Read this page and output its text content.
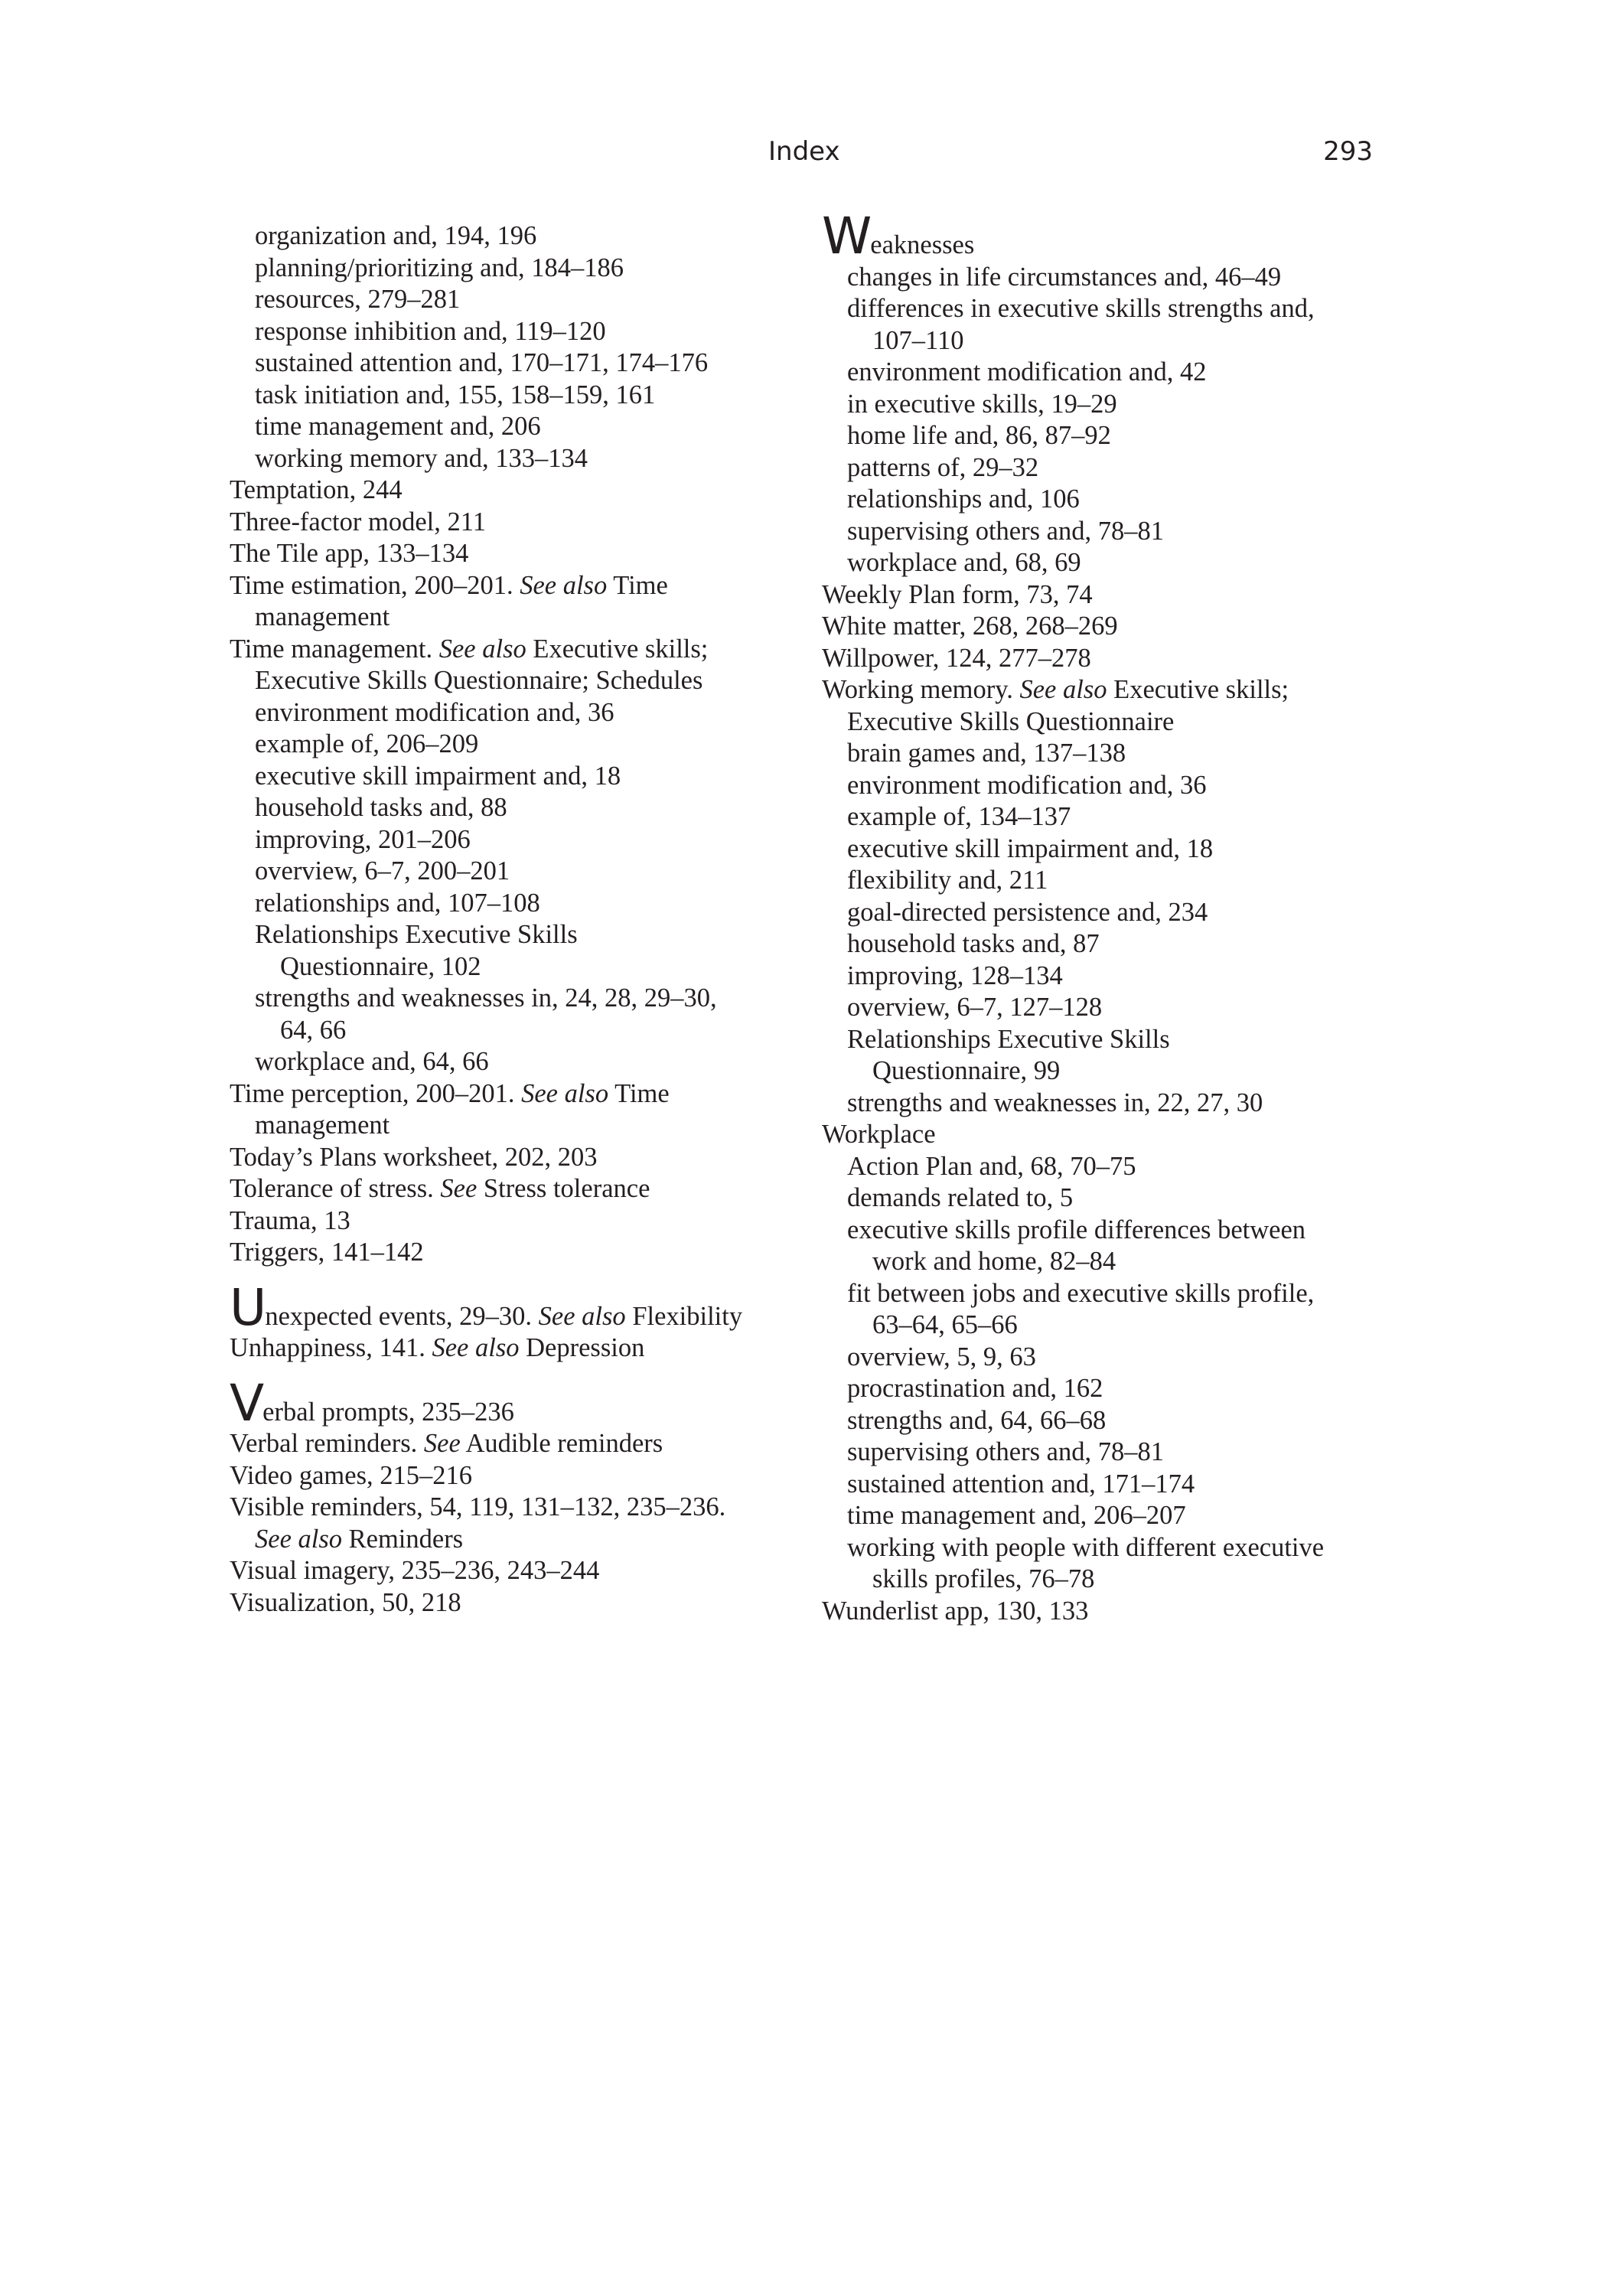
Index	293
organization and, 194, 196
planning/prioritizing and, 184–186
resources, 279–281
response inhibition and, 119–120
sustained attention and, 170–171, 174–176
task initiation and, 155, 158–159, 161
time management and, 206
working memory and, 133–134
Temptation, 244
Three-factor model, 211
The Tile app, 133–134
Time estimation, 200–201. See also Time
management
Time management. See also Executive skills;
Executive Skills Questionnaire; Schedules
environment modification and, 36
example of, 206–209
executive skill impairment and, 18
household tasks and, 88
improving, 201–206
overview, 6–7, 200–201
relationships and, 107–108
Relationships Executive Skills
Questionnaire, 102
strengths and weaknesses in, 24, 28, 29–30,
64, 66
workplace and, 64, 66
Time perception, 200–201. See also Time
management
Today’s Plans worksheet, 202, 203
Tolerance of stress. See Stress tolerance
Trauma, 13
Triggers, 141–142
Unexpected events, 29–30. See also Flexibility
Unhappiness, 141. See also Depression
Verbal prompts, 235–236
Verbal reminders. See Audible reminders
Video games, 215–216
Visible reminders, 54, 119, 131–132, 235–236.
See also Reminders
Visual imagery, 235–236, 243–244
Visualization, 50, 218
Weaknesses
changes in life circumstances and, 46–49
differences in executive skills strengths and,
107–110
environment modification and, 42
in executive skills, 19–29
home life and, 86, 87–92
patterns of, 29–32
relationships and, 106
supervising others and, 78–81
workplace and, 68, 69
Weekly Plan form, 73, 74
White matter, 268, 268–269
Willpower, 124, 277–278
Working memory. See also Executive skills;
Executive Skills Questionnaire
brain games and, 137–138
environment modification and, 36
example of, 134–137
executive skill impairment and, 18
flexibility and, 211
goal-directed persistence and, 234
household tasks and, 87
improving, 128–134
overview, 6–7, 127–128
Relationships Executive Skills
Questionnaire, 99
strengths and weaknesses in, 22, 27, 30
Workplace
Action Plan and, 68, 70–75
demands related to, 5
executive skills profile differences between
work and home, 82–84
fit between jobs and executive skills profile,
63–64, 65–66
overview, 5, 9, 63
procrastination and, 162
strengths and, 64, 66–68
supervising others and, 78–81
sustained attention and, 171–174
time management and, 206–207
working with people with different executive
skills profiles, 76–78
Wunderlist app, 130, 133
